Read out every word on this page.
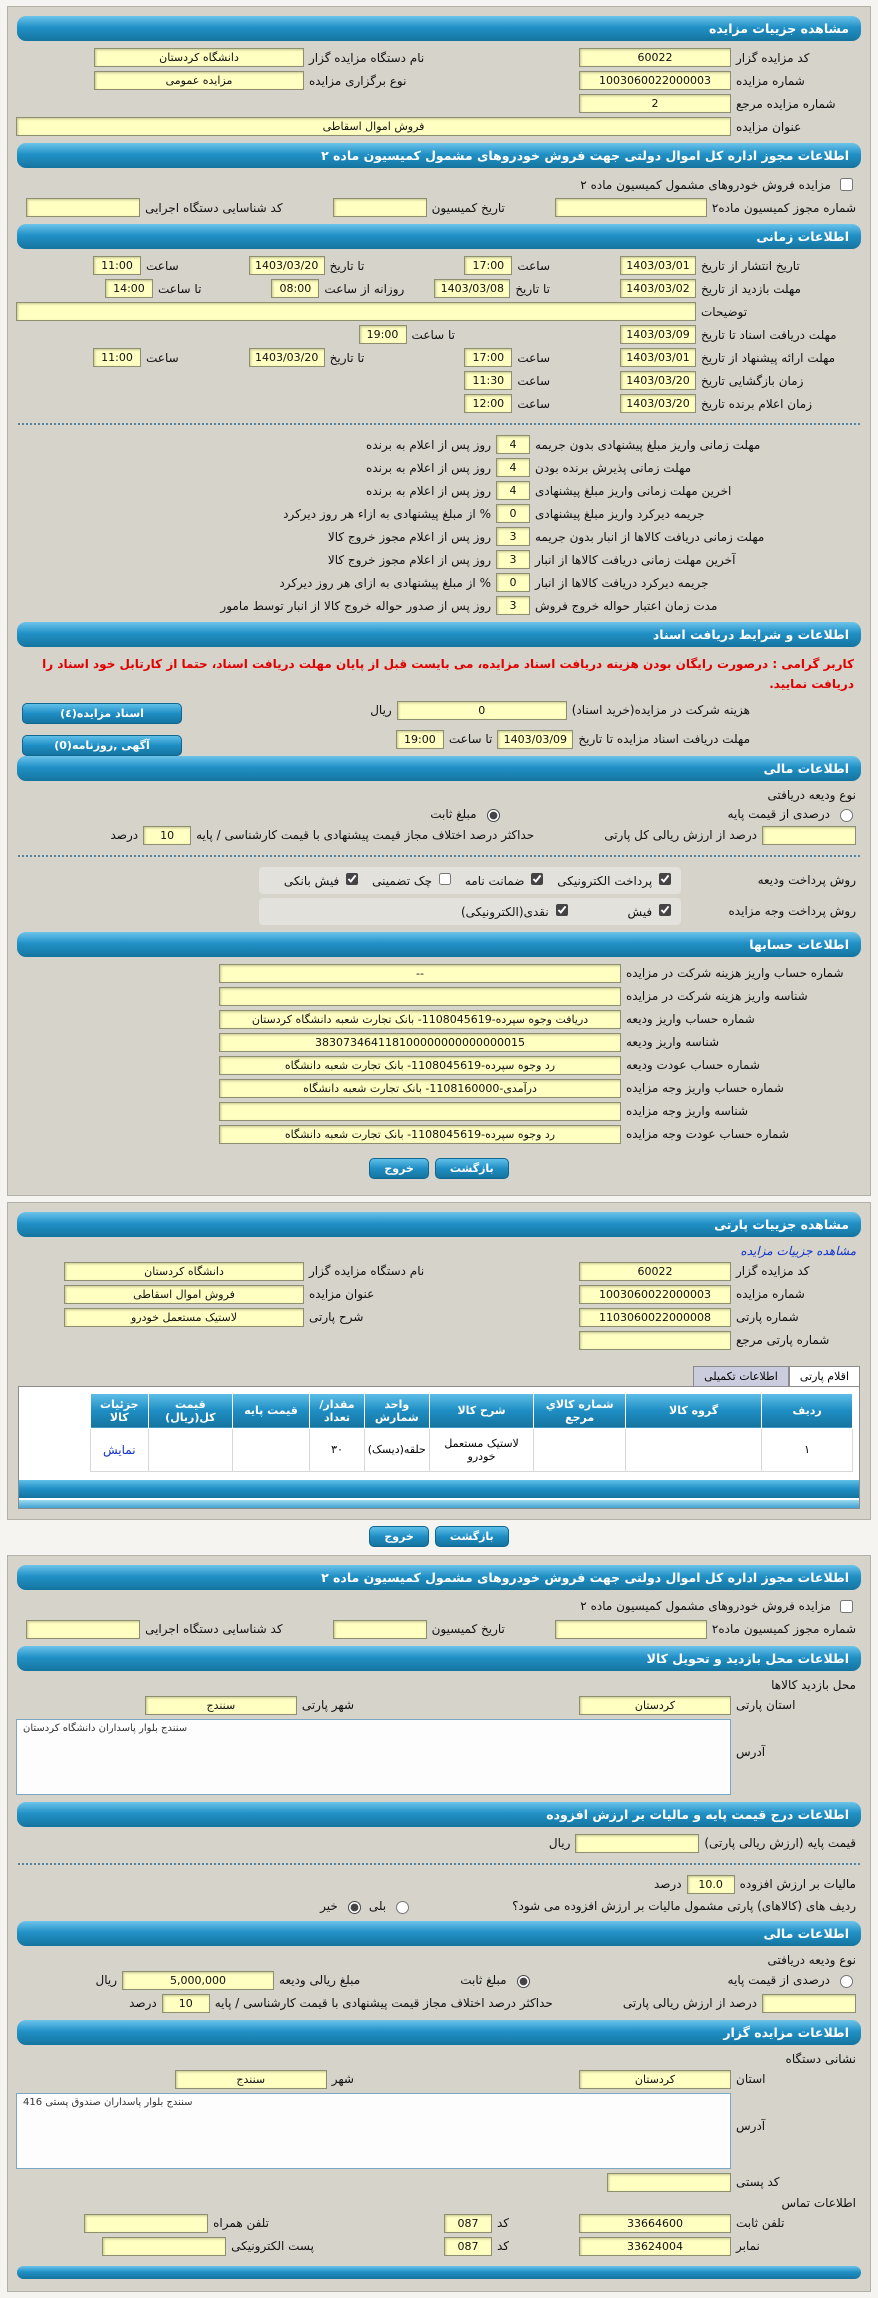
مشاهده جزییات مزایده
کد مزایده گزار
60022
نام دستگاه مزایده گزار
دانشگاه کردستان
شماره مزایده
1003060022000003
نوع برگزاری مزایده
مزایده عمومی
شماره مزایده مرجع
2
عنوان مزایده
فروش اموال اسقاطی
اطلاعات مجوز اداره کل اموال دولتی جهت فروش خودروهای مشمول کمیسیون ماده ۲
مزایده فروش خودروهای مشمول کمیسیون ماده ۲
شماره مجوز کمیسیون ماده۲
تاریخ کمیسیون
کد شناسایی دستگاه اجرایی
اطلاعات زمانی
تاریخ انتشار از تاریخ
1403/03/01
ساعت
17:00
تا تاریخ
1403/03/20
ساعت
11:00
مهلت بازدید از تاریخ
1403/03/02
تا تاریخ
1403/03/08
روزانه از ساعت
08:00
تا ساعت
14:00
توضیحات
مهلت دریافت اسناد تا تاریخ
1403/03/09
تا ساعت
19:00
مهلت ارائه پیشنهاد از تاریخ
1403/03/01
ساعت
17:00
تا تاریخ
1403/03/20
ساعت
11:00
زمان بازگشایی تاریخ
1403/03/20
ساعت
11:30
زمان اعلام برنده تاریخ
1403/03/20
ساعت
12:00
مهلت زمانی واریز مبلغ پیشنهادی بدون جریمه
4
روز پس از اعلام به برنده
مهلت زمانی پذیرش برنده بودن
4
روز پس از اعلام به برنده
اخرین مهلت زمانی واریز مبلغ پیشنهادی
4
روز پس از اعلام به برنده
جریمه دیرکرد واریز مبلغ پیشنهادی
0
% از مبلغ پیشنهادی به ازاء هر روز دیرکرد
مهلت زمانی دریافت کالاها از انبار بدون جریمه
3
روز پس از اعلام مجوز خروج کالا
آخرین مهلت زمانی دریافت کالاها از انبار
3
روز پس از اعلام مجوز خروج کالا
جریمه دیرکرد دریافت کالاها از انبار
0
% از مبلغ پیشنهادی به ازای هر روز دیرکرد
مدت زمان اعتبار حواله خروج فروش
3
روز پس از صدور حواله خروج کالا از انبار توسط مامور
اطلاعات و شرایط دریافت اسناد
کاربر گرامی : درصورت رایگان بودن هزینه دریافت اسناد مزایده، می بایست قبل از پایان مهلت دریافت اسناد، حتما از کارتابل خود اسناد را دریافت نمایید.
اسناد مزایده(٤)
آگهی ,روزنامه(0)
هزینه شرکت در مزایده(خرید اسناد)
0
ریال
مهلت دریافت اسناد مزایده تا تاریخ
1403/03/09
تا ساعت
19:00
اطلاعات مالی
نوع ودیعه دریافتی
درصدی از قیمت پایه
مبلغ ثابت
درصد از ارزش ریالی کل پارتی
حداکثر درصد اختلاف مجاز قیمت پیشنهادی با قیمت کارشناسی / پایه
10
درصد
روش پرداخت ودیعه
پرداخت الکترونیکی
ضمانت نامه
چک تضمینی
فیش بانکی
روش پرداخت وجه مزایده
فیش
نقدی(الکترونیکی)
اطلاعات حسابها
شماره حساب واریز هزینه شرکت در مزایده
--
شناسه واریز هزینه شرکت در مزایده
شماره حساب واریز ودیعه
دریافت وجوه سپرده-1108045619- بانک تجارت شعبه دانشگاه کردستان
شناسه واریز ودیعه
383073464118100000000000000015
شماره حساب عودت ودیعه
رد وجوه سپرده-1108045619- بانک تجارت شعبه دانشگاه
شماره حساب واریز وجه مزایده
درآمدی-1108160000- بانک تجارت شعبه دانشگاه
شناسه واریز وجه مزایده
شماره حساب عودت وجه مزایده
رد وجوه سپرده-1108045619- بانک تجارت شعبه دانشگاه
بازگشت
خروج
مشاهده جزییات پارتی
مشاهده جزییات مزایده
کد مزایده گزار
60022
نام دستگاه مزایده گزار
دانشگاه کردستان
شماره مزایده
1003060022000003
عنوان مزایده
فروش اموال اسقاطی
شماره پارتی
1103060022000008
شرح پارتی
لاستیک مستعمل خودرو
شماره پارتی مرجع
اقلام پارتی
اطلاعات تکمیلی
ردیف	گروه کالا	شماره کالاي مرجع	شرح کالا	واحد شمارش	مقدار/ تعداد	قیمت پایه	قیمت کل(ریال)	جزئیات کالا	
۱			لاستیک مستعمل خودرو	حلقه(دیسک)	۳۰			نمایش	
بازگشت
خروج
اطلاعات مجوز اداره کل اموال دولتی جهت فروش خودروهای مشمول کمیسیون ماده ۲
مزایده فروش خودروهای مشمول کمیسیون ماده ۲
شماره مجوز کمیسیون ماده۲
تاریخ کمیسیون
کد شناسایی دستگاه اجرایی
اطلاعات محل بازدید و تحویل کالا
محل بازدید کالاها
استان پارتی
کردستان
شهر پارتی
سنندج
آدرس
سنندج بلوار پاسداران دانشگاه کردستان
اطلاعات درج قیمت پایه و مالیات بر ارزش افزوده
قیمت پایه (ارزش ریالی پارتی)
ریال
مالیات بر ارزش افزوده
10.0
درصد
ردیف های (کالاهای) پارتی مشمول مالیات بر ارزش افزوده می شود؟
بلی
خیر
اطلاعات مالی
نوع ودیعه دریافتی
درصدی از قیمت پایه
مبلغ ثابت
مبلغ ریالی ودیعه
5,000,000
ریال
درصد از ارزش ریالی پارتی
حداکثر درصد اختلاف مجاز قیمت پیشنهادی با قیمت کارشناسی / پایه
10
درصد
اطلاعات مزایده گزار
نشانی دستگاه
استان
کردستان
شهر
سنندج
آدرس
سنندج بلوار پاسداران صندوق پستی 416
کد پستی
اطلاعات تماس
تلفن ثابت
33664600
کد
087
تلفن همراه
نمابر
33624004
کد
087
پست الکترونیکی
